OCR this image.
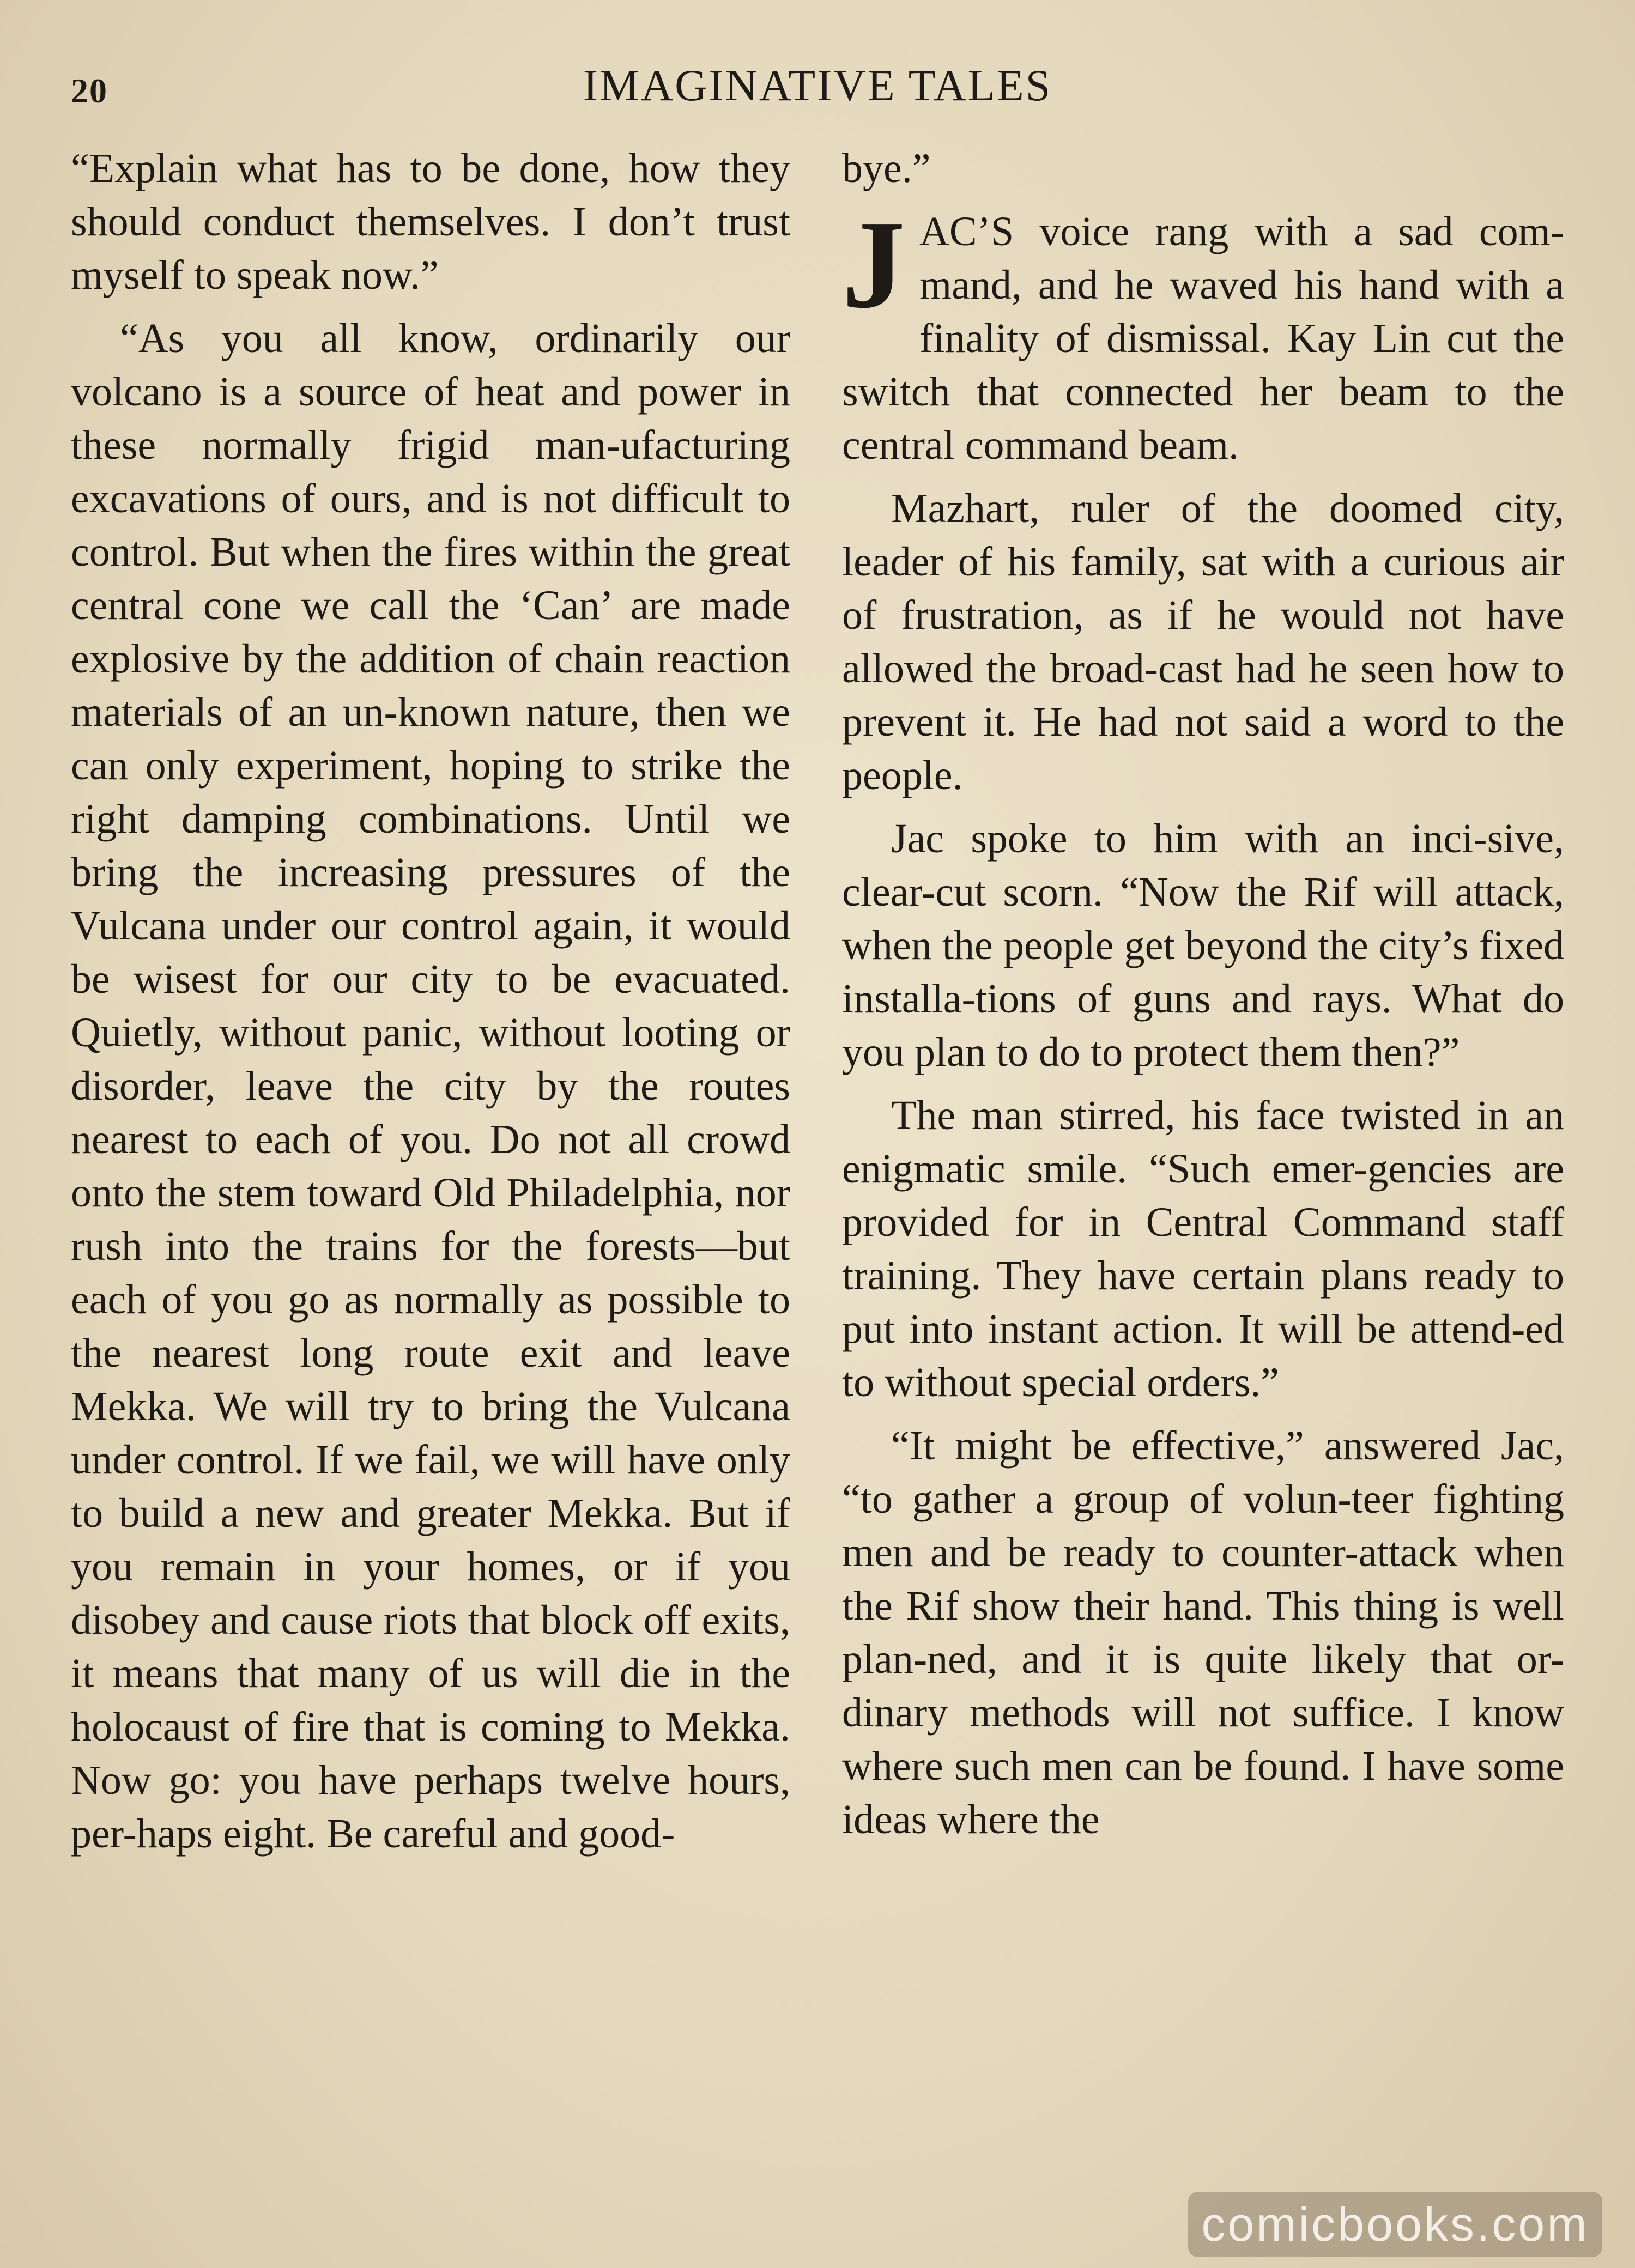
20	IMAGINATIVE TALES

“Explain what has to be done, how they should conduct themselves. I don’t trust myself to speak now.”

“As you all know, ordinarily our volcano is a source of heat and power in these normally frigid man-ufacturing excavations of ours, and is not difficult to control. But when the fires within the great central cone we call the ‘Can’ are made explosive by the addition of chain reaction materials of an un-known nature, then we can only experiment, hoping to strike the right damping combinations. Until we bring the increasing pressures of the Vulcana under our control again, it would be wisest for our city to be evacuated. Quietly, without panic, without looting or disorder, leave the city by the routes nearest to each of you. Do not all crowd onto the stem toward Old Philadelphia, nor rush into the trains for the forests—but each of you go as normally as possible to the nearest long route exit and leave Mekka. We will try to bring the Vulcana under control. If we fail, we will have only to build a new and greater Mekka. But if you remain in your homes, or if you disobey and cause riots that block off exits, it means that many of us will die in the holocaust of fire that is coming to Mekka. Now go: you have perhaps twelve hours, per-haps eight. Be careful and good-

bye.”

JAC’S voice rang with a sad com-mand, and he waved his hand with a finality of dismissal. Kay Lin cut the switch that connected her beam to the central command beam.

Mazhart, ruler of the doomed city, leader of his family, sat with a curious air of frustration, as if he would not have allowed the broad-cast had he seen how to prevent it. He had not said a word to the people.

Jac spoke to him with an inci-sive, clear-cut scorn. “Now the Rif will attack, when the people get beyond the city’s fixed installa-tions of guns and rays. What do you plan to do to protect them then?”

The man stirred, his face twisted in an enigmatic smile. “Such emer-gencies are provided for in Central Command staff training. They have certain plans ready to put into instant action. It will be attend-ed to without special orders.”

“It might be effective,” answered Jac, “to gather a group of volun-teer fighting men and be ready to counter-attack when the Rif show their hand. This thing is well plan-ned, and it is quite likely that or-dinary methods will not suffice. I know where such men can be found. I have some ideas where the

comicbooks.com
